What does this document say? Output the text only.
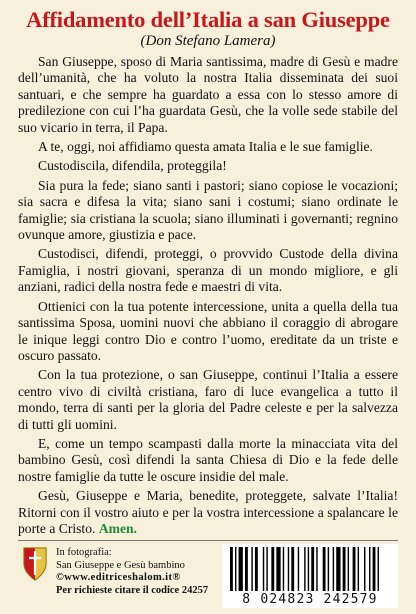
Affidamento dell’Italia a san Giuseppe
(Don Stefano Lamera)

San Giuseppe, sposo di Maria santissima, madre di Gesù e madre dell’umanità, che ha voluto la nostra Italia disseminata dei suoi santuari, e che sempre ha guardato a essa con lo stesso amore di predilezione con cui l’ha guardata Gesù, che la volle sede stabile del suo vicario in terra, il Papa.

A te, oggi, noi affidiamo questa amata Italia e le sue famiglie.

Custodiscila, difendila, proteggila!

Sia pura la fede; siano santi i pastori; siano copiose le vocazioni; sia sacra e difesa la vita; siano sani i costumi; siano ordinate le famiglie; sia cristiana la scuola; siano illuminati i governanti; regnino ovunque amore, giustizia e pace.

Custodisci, difendi, proteggi, o provvido Custode della divina Famiglia, i nostri giovani, speranza di un mondo migliore, e gli anziani, radici della nostra fede e maestri di vita.

Ottienici con la tua potente intercessione, unita a quella della tua santissima Sposa, uomini nuovi che abbiano il coraggio di abrogare le inique leggi contro Dio e contro l’uomo, ereditate da un triste e oscuro passato.

Con la tua protezione, o san Giuseppe, continui l’Italia a essere centro vivo di civiltà cristiana, faro di luce evangelica a tutto il mondo, terra di santi per la gloria del Padre celeste e per la salvezza di tutti gli uomini.

E, come un tempo scampasti dalla morte la minacciata vita del bambino Gesù, così difendi la santa Chiesa di Dio e la fede delle nostre famiglie da tutte le oscure insidie del male.

Gesù, Giuseppe e Maria, benedite, proteggete, salvate l’Italia! Ritorni con il vostro aiuto e per la vostra intercessione a spalancare le porte a Cristo. Amen.

In fotografia:
San Giuseppe e Gesù bambino
©www.editriceshalom.it®
Per richieste citare il codice 24257
8 024823 242579
